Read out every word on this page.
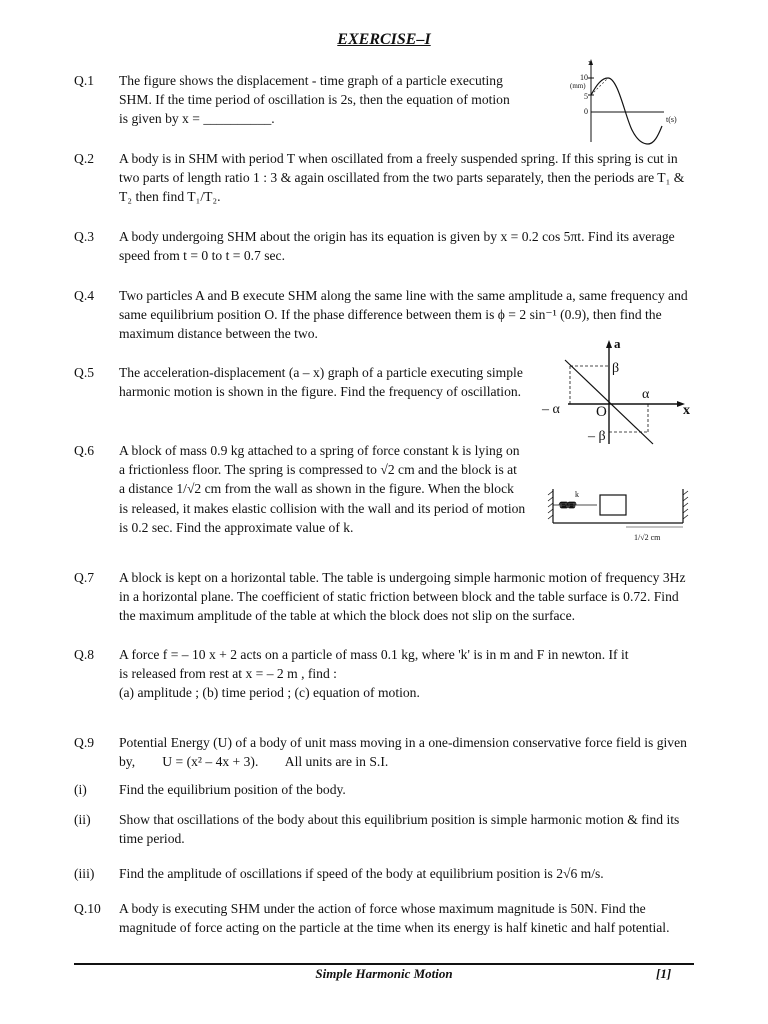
EXERCISE–I
Q.1 The figure shows the displacement - time graph of a particle executing
SHM. If the time period of oscillation is 2s, then the equation of motion
is given by x = __________.
Q.2 A body is in SHM with period T when oscillated from a freely suspended spring. If this spring is cut in
two parts of length ratio 1 : 3 & again oscillated from the two parts separately, then the periods are T₁ &
T₂ then find T₁/T₂.
Q.3 A body undergoing SHM about the origin has its equation is given by x = 0.2 cos 5πt. Find its average
speed from t = 0 to t = 0.7 sec.
Q.4 Two particles A and B execute SHM along the same line with the same amplitude a, same frequency and
same equilibrium position O. If the phase difference between them is ϕ = 2 sin⁻¹ (0.9), then find the
maximum distance between the two.
Q.5 The acceleration-displacement (a – x) graph of a particle executing simple
harmonic motion is shown in the figure. Find the frequency of oscillation.
Q.6 A block of mass 0.9 kg attached to a spring of force constant k is lying on
a frictionless floor. The spring is compressed to √2 cm and the block is at
a distance 1/√2 cm from the wall as shown in the figure. When the block
is released, it makes elastic collision with the wall and its period of motion
is 0.2 sec. Find the approximate value of k.
Q.7 A block is kept on a horizontal table. The table is undergoing simple harmonic motion of frequency 3Hz
in a horizontal plane. The coefficient of static friction between block and the table surface is 0.72. Find
the maximum amplitude of the table at which the block does not slip on the surface.
Q.8 A force f = – 10 x + 2 acts on a particle of mass 0.1 kg, where 'k' is in m and F in newton. If it
is released from rest at x = – 2 m , find :
(a) amplitude ; (b) time period ; (c) equation of motion.
Q.9 Potential Energy (U) of a body of unit mass moving in a one-dimension conservative force field is given
by,        U = (x² – 4x + 3).        All units are in S.I.
(i) Find the equilibrium position of the body.
(ii) Show that oscillations of the body about this equilibrium position is simple harmonic motion & find its
time period.
(iii) Find the amplitude of oscillations if speed of the body at equilibrium position is 2√6 m/s.
Q.10 A body is executing SHM under the action of force whose maximum magnitude is 50N. Find the
magnitude of force acting on the particle at the time when its energy is half kinetic and half potential.
x
10
(mm)
5
0
t(s)
a
β
α
– α O	x
– β
k
1/√2 cm
Simple Harmonic Motion	[1]
